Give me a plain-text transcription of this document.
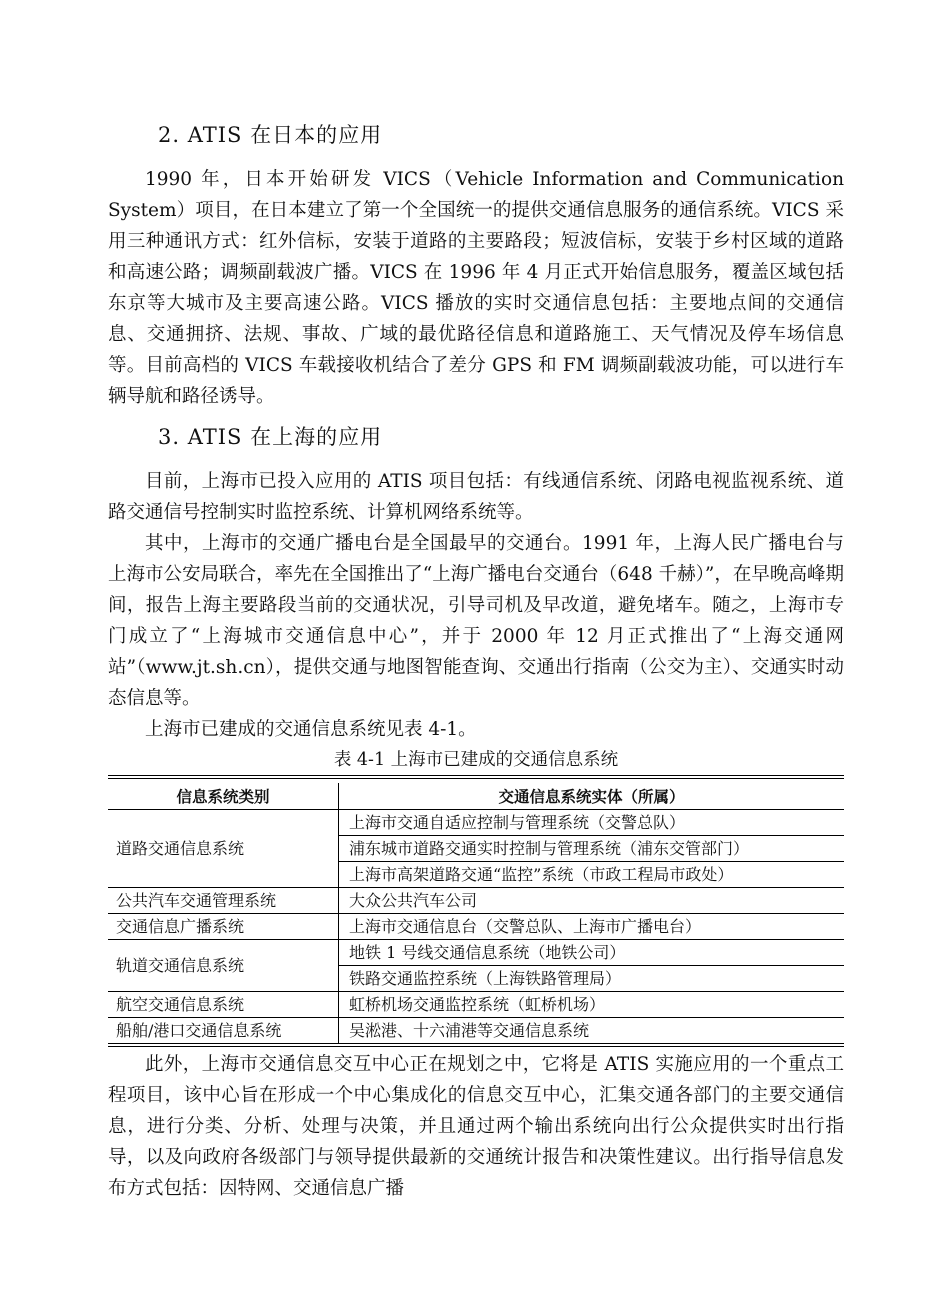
2. ATIS 在日本的应用

1990 年，日本开始研发 VICS（Vehicle Information and Communication System）项目，在日本建立了第一个全国统一的提供交通信息服务的通信系统。VICS 采用三种通讯方式：红外信标，安装于道路的主要路段；短波信标，安装于乡村区域的道路和高速公路；调频副载波广播。VICS 在 1996 年 4 月正式开始信息服务，覆盖区域包括东京等大城市及主要高速公路。VICS 播放的实时交通信息包括：主要地点间的交通信息、交通拥挤、法规、事故、广域的最优路径信息和道路施工、天气情况及停车场信息等。目前高档的 VICS 车载接收机结合了差分 GPS 和 FM 调频副载波功能，可以进行车辆导航和路径诱导。

3. ATIS 在上海的应用

目前，上海市已投入应用的 ATIS 项目包括：有线通信系统、闭路电视监视系统、道路交通信号控制实时监控系统、计算机网络系统等。

其中，上海市的交通广播电台是全国最早的交通台。1991 年，上海人民广播电台与上海市公安局联合，率先在全国推出了“上海广播电台交通台（648 千赫）”，在早晚高峰期间，报告上海主要路段当前的交通状况，引导司机及早改道，避免堵车。随之，上海市专门成立了“上海城市交通信息中心”，并于 2000 年 12 月正式推出了“上海交通网站”（www.jt.sh.cn），提供交通与地图智能查询、交通出行指南（公交为主）、交通实时动态信息等。

上海市已建成的交通信息系统见表 4-1。

表 4-1 上海市已建成的交通信息系统
信息系统类别	交通信息系统实体（所属）
道路交通信息系统	上海市交通自适应控制与管理系统（交警总队）
	浦东城市道路交通实时控制与管理系统（浦东交管部门）
	上海市高架道路交通“监控”系统（市政工程局市政处）
公共汽车交通管理系统	大众公共汽车公司
交通信息广播系统	上海市交通信息台（交警总队、上海市广播电台）
轨道交通信息系统	地铁 1 号线交通信息系统（地铁公司）
	铁路交通监控系统（上海铁路管理局）
航空交通信息系统	虹桥机场交通监控系统（虹桥机场）
船舶/港口交通信息系统	吴淞港、十六浦港等交通信息系统

此外，上海市交通信息交互中心正在规划之中，它将是 ATIS 实施应用的一个重点工程项目，该中心旨在形成一个中心集成化的信息交互中心，汇集交通各部门的主要交通信息，进行分类、分析、处理与决策，并且通过两个输出系统向出行公众提供实时出行指导，以及向政府各级部门与领导提供最新的交通统计报告和决策性建议。出行指导信息发布方式包括：因特网、交通信息广播
